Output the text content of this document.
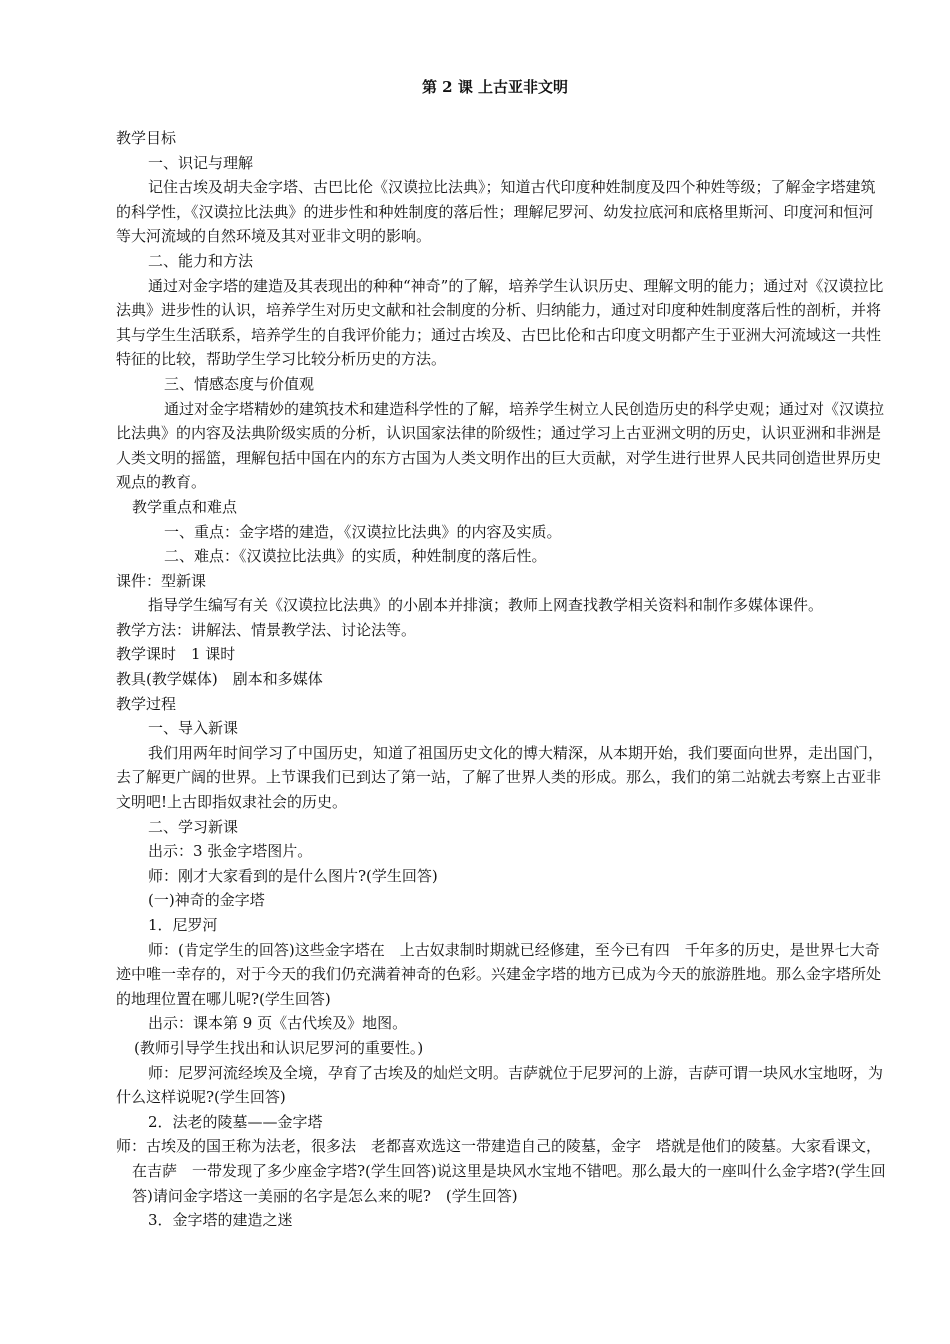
第 2 课 上古亚非文明

教学目标

一、识记与理解

记住古埃及胡夫金字塔、古巴比伦《汉谟拉比法典》；知道古代印度种姓制度及四个种姓等级；了解金字塔建筑的科学性，《汉谟拉比法典》的进步性和种姓制度的落后性；理解尼罗河、幼发拉底河和底格里斯河、印度河和恒河等大河流域的自然环境及其对亚非文明的影响。

二、能力和方法

通过对金字塔的建造及其表现出的种种“神奇”的了解，培养学生认识历史、理解文明的能力；通过对《汉谟拉比法典》进步性的认识，培养学生对历史文献和社会制度的分析、归纳能力，通过对印度种姓制度落后性的剖析，并将其与学生生活联系，培养学生的自我评价能力；通过古埃及、古巴比伦和古印度文明都产生于亚洲大河流域这一共性特征的比较，帮助学生学习比较分析历史的方法。

三、情感态度与价值观

通过对金字塔精妙的建筑技术和建造科学性的了解，培养学生树立人民创造历史的科学史观；通过对《汉谟拉比法典》的内容及法典阶级实质的分析，认识国家法律的阶级性；通过学习上古亚洲文明的历史，认识亚洲和非洲是人类文明的摇篮，理解包括中国在内的东方古国为人类文明作出的巨大贡献，对学生进行世界人民共同创造世界历史观点的教育。

教学重点和难点

一、重点：金字塔的建造，《汉谟拉比法典》的内容及实质。

二、难点：《汉谟拉比法典》的实质，种姓制度的落后性。

课件：型新课

指导学生编写有关《汉谟拉比法典》的小剧本并排演；教师上网查找教学相关资料和制作多媒体课件。

教学方法：讲解法、情景教学法、讨论法等。

教学课时　1 课时

教具(教学媒体)　剧本和多媒体

教学过程

一、导入新课

我们用两年时间学习了中国历史，知道了祖国历史文化的博大精深，从本期开始，我们要面向世界，走出国门，去了解更广阔的世界。上节课我们已到达了第一站，了解了世界人类的形成。那么，我们的第二站就去考察上古亚非文明吧!上古即指奴隶社会的历史。

二、学习新课

出示：3 张金字塔图片。

师：刚才大家看到的是什么图片?(学生回答)

(一)神奇的金字塔

1．尼罗河

师：(肯定学生的回答)这些金字塔在　上古奴隶制时期就已经修建，至今已有四　千年多的历史，是世界七大奇迹中唯一幸存的，对于今天的我们仍充满着神奇的色彩。兴建金字塔的地方已成为今天的旅游胜地。那么金字塔所处的地理位置在哪儿呢?(学生回答)

出示：课本第 9 页《古代埃及》地图。

(教师引导学生找出和认识尼罗河的重要性。)

师：尼罗河流经埃及全境，孕育了古埃及的灿烂文明。吉萨就位于尼罗河的上游，吉萨可谓一块风水宝地呀，为什么这样说呢?(学生回答)

2．法老的陵墓——金字塔

师：古埃及的国王称为法老，很多法　老都喜欢选这一带建造自己的陵墓，金字　塔就是他们的陵墓。大家看课文，在吉萨　一带发现了多少座金字塔?(学生回答)说这里是块风水宝地不错吧。那么最大的一座叫什么金字塔?(学生回答)请问金字塔这一美丽的名字是怎么来的呢?　(学生回答)

3．金字塔的建造之迷
